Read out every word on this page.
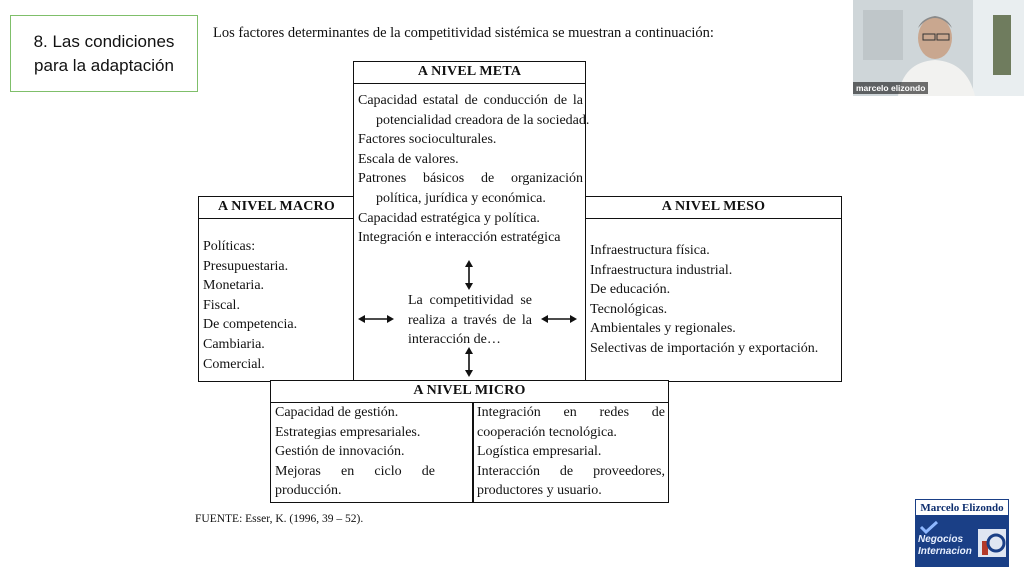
8. Las condiciones
para la adaptación
Los factores determinantes de la competitividad sistémica se muestran a continuación:
A NIVEL MACRO
Políticas:
Presupuestaria.
Monetaria.
Fiscal.
De competencia.
Cambiaria.
Comercial.
A NIVEL MESO
Infraestructura física.
Infraestructura industrial.
De educación.
Tecnológicas.
Ambientales y regionales.
Selectivas de importación y exportación.
A NIVEL META
Capacidad estatal de conducción de la
potencialidad creadora de la sociedad.
Factores socioculturales.
Escala de valores.
Patrones básicos de organización
política, jurídica y económica.
Capacidad estratégica y política.
Integración e interacción estratégica
La competitividad se
realiza a través de la
interacción de…
A NIVEL MICRO
Capacidad de gestión.
Estrategias empresariales.
Gestión de innovación.
Mejoras en ciclo de
producción.
Integración en redes de
cooperación tecnológica.
Logística empresarial.
Interacción de proveedores,
productores y usuario.
FUENTE: Esser, K. (1996, 39 – 52).
marcelo elizondo
Marcelo Elizondo
Negocios
Internacion
